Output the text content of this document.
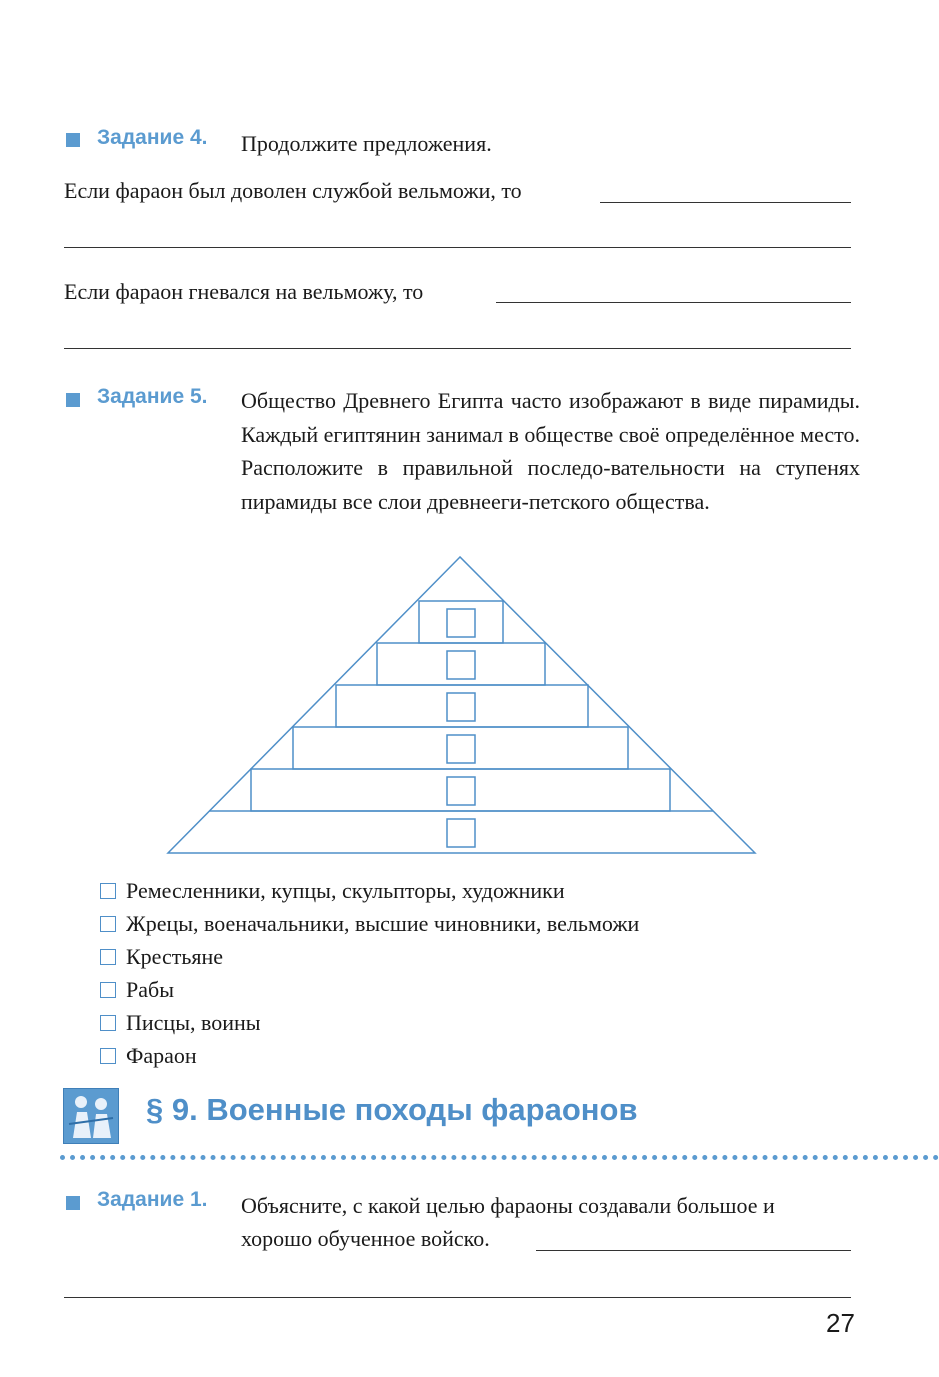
Задание 4. Продолжите предложения.
Если фараон был доволен службой вельможи, то
Если фараон гневался на вельможу, то
Задание 5. Общество Древнего Египта часто изображают в виде пирамиды. Каждый египтянин занимал в обществе своё определённое место. Расположите в правильной последо-вательности на ступенях пирамиды все слои древнееги-петского общества.
Ремесленники, купцы, скульпторы, художники
Жрецы, военачальники, высшие чиновники, вельможи
Крестьяне
Рабы
Писцы, воины
Фараон
§ 9. Военные походы фараонов
Задание 1. Объясните, с какой целью фараоны создавали большое и
хорошо обученное войско.
27
